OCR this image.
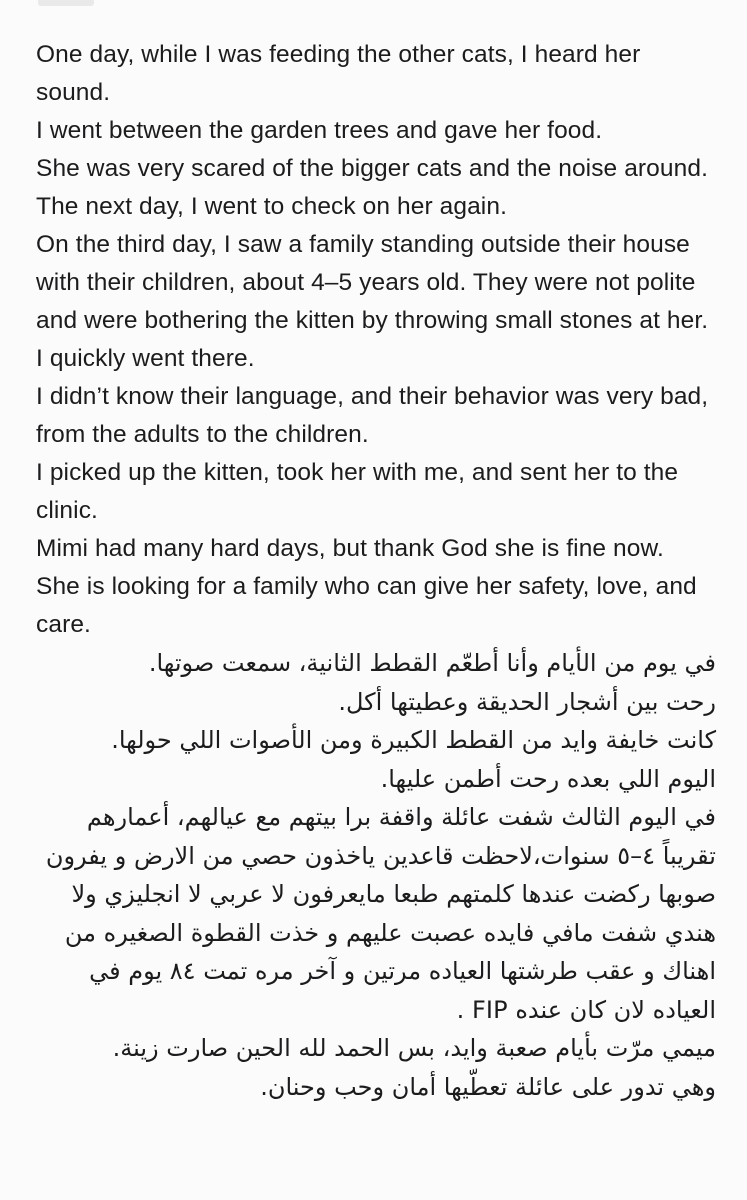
One day, while I was feeding the other cats, I heard her sound.

I went between the garden trees and gave her food.

She was very scared of the bigger cats and the noise around.

The next day, I went to check on her again.

On the third day, I saw a family standing outside their house with their children, about 4–5 years old. They were not polite and were bothering the kitten by throwing small stones at her. I quickly went there.

I didn’t know their language, and their behavior was very bad, from the adults to the children.

I picked up the kitten, took her with me, and sent her to the clinic.

Mimi had many hard days, but thank God she is fine now.

She is looking for a family who can give her safety, love, and care.

في يوم من الأيام وأنا أطعّم القطط الثانية، سمعت صوتها.

رحت بين أشجار الحديقة وعطيتها أكل.

كانت خايفة وايد من القطط الكبيرة ومن الأصوات اللي حولها.

اليوم اللي بعده رحت أطمن عليها.

في اليوم الثالث شفت عائلة واقفة برا بيتهم مع عيالهم، أعمارهم تقريباً ٤–٥ سنوات،لاحظت قاعدين ياخذون حصي من الارض و يفرون صوبها ركضت عندها كلمتهم طبعا مايعرفون لا عربي لا انجليزي ولا هندي شفت مافي فايده عصبت عليهم و خذت القطوة الصغيره من اهناك و عقب طرشتها العياده مرتين و آخر مره تمت ٨٤ يوم في العياده لان كان عنده FIP .

ميمي مرّت بأيام صعبة وايد، بس الحمد لله الحين صارت زينة.

وهي تدور على عائلة تعطّيها أمان وحب وحنان.
